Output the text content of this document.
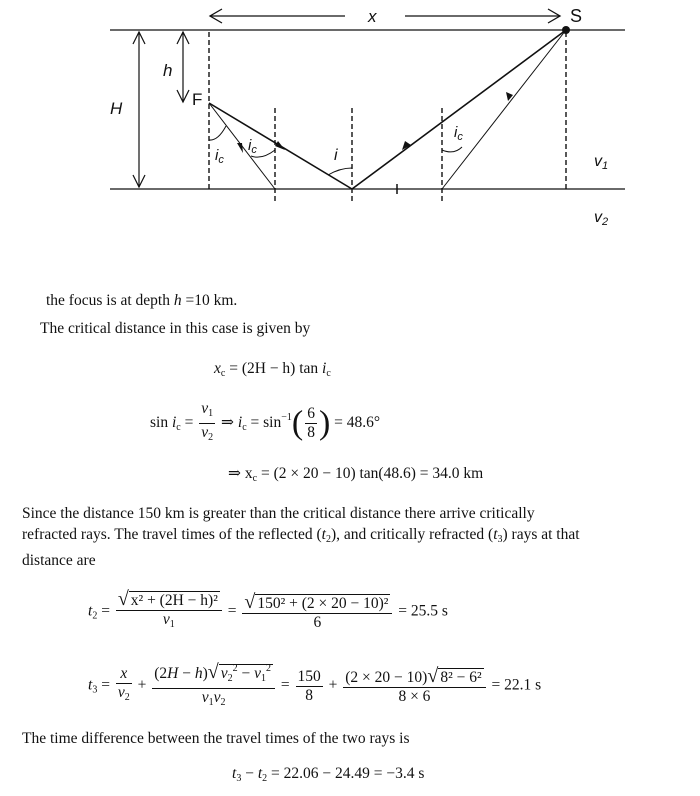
x	S
H
h
F
$i_c$
$i_c$	i
$i_c$
v1
v2
the focus is at depth h =10 km.
The critical distance in this case is given by
$x_c = (2H - h)$ $\tan i_c$
$\sin i_c = \frac{v_1}{v_2}$ ⇒ $i_c = \sin^{-1}( \frac{6}{8}$ ) = 48.6°
⇒ $x_c = (2 \times 20 - 10) \tan(48.6) = 34.0$ km
Since the distance 150 km is greater than the critical distance there arrive critically
refracted rays. The travel times of the reflected $(t_2)$, and critically refracted $(t_3)$ rays at that
distance are
$t_2 = \frac{\text{√ x² + (2H − h)²}}{v_1} = \frac{\text{√ 150² + (2 × 20 − 10)²}}{6} = 25.5$ s
$t_3 = \frac{x}{v_2} + \frac{(2H - h)√ v_2^2 - v_1^2}{v_1v_2} = \frac{150}{8} + \frac{\text{(2 × 20 − 10)√ 8² − 6²}}{8 \times 6} = 22.1$ s
The time difference between the travel times of the two rays is
$t_3 - t_2 = 22.06 - 24.49 = -3.4$ s
